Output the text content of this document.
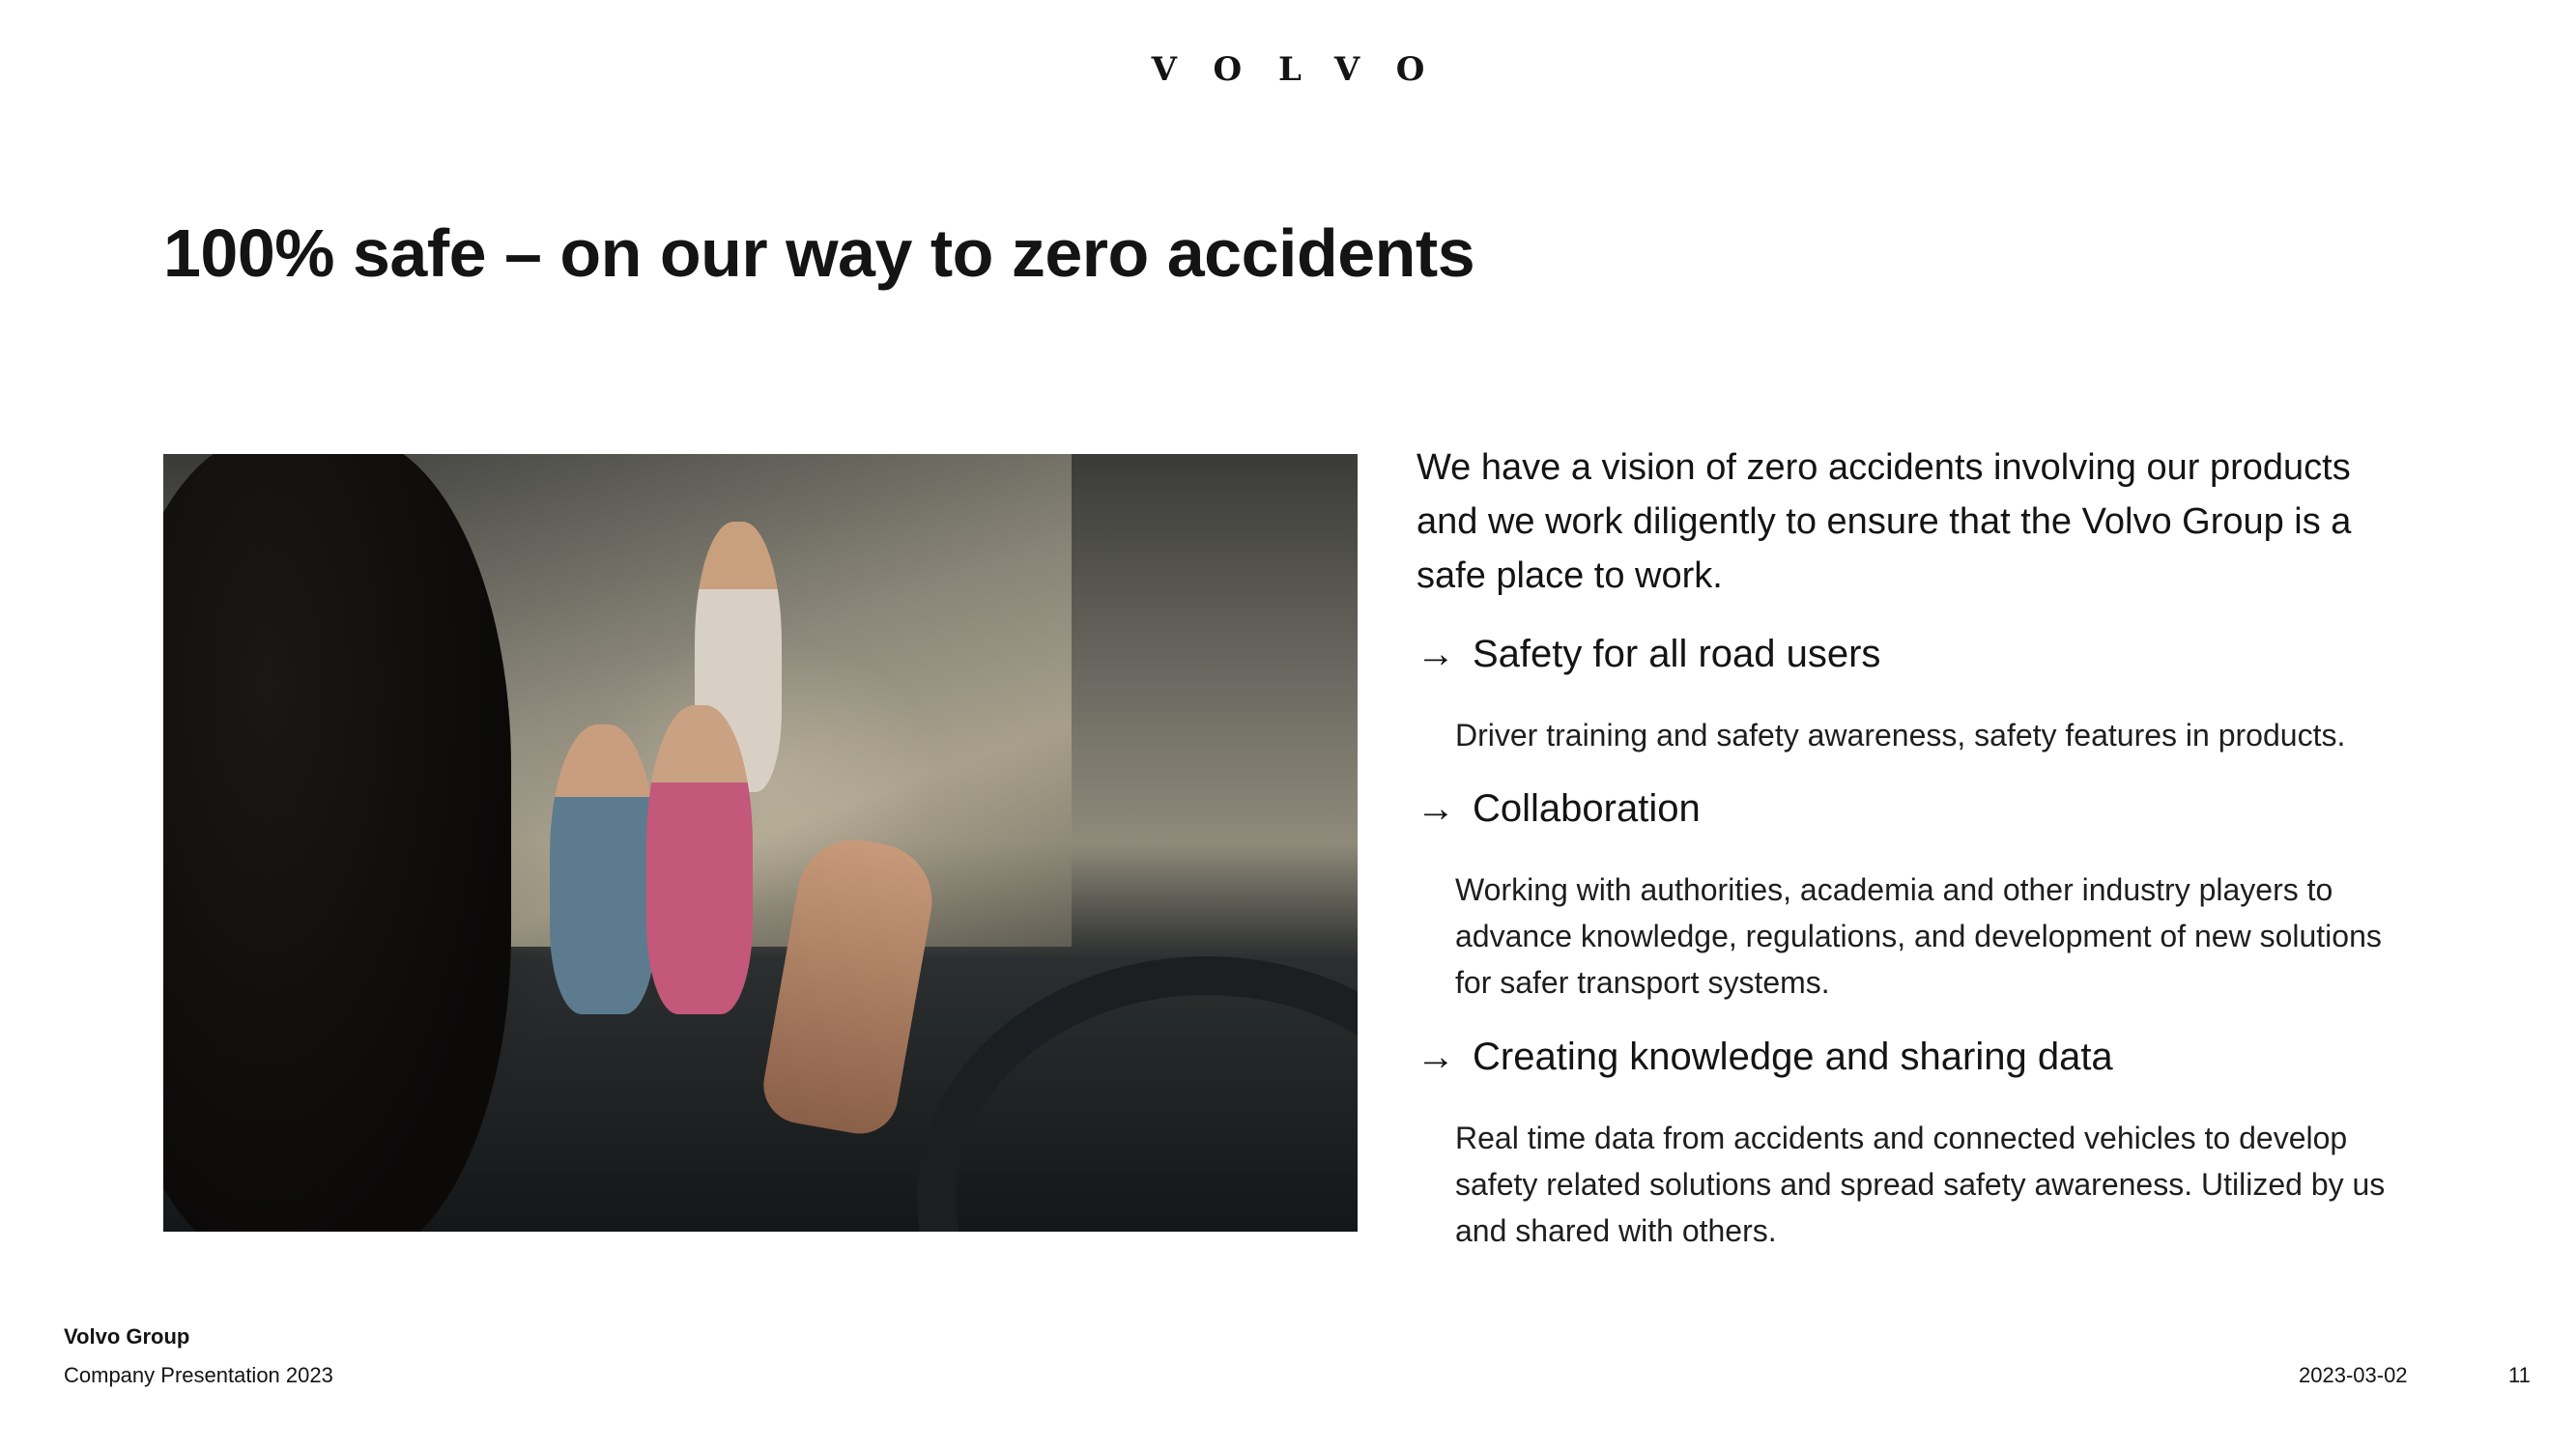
VOLVO
100% safe – on our way to zero accidents

We have a vision of zero accidents involving our products and we work diligently to ensure that the Volvo Group is a safe place to work.

→ Safety for all road users

Driver training and safety awareness, safety features in products.

→ Collaboration

Working with authorities, academia and other industry players to advance knowledge, regulations, and development of new solutions for safer transport systems.

→ Creating knowledge and sharing data

Real time data from accidents and connected vehicles to develop safety related solutions and spread safety awareness. Utilized by us and shared with others.

Volvo Group
Company Presentation 2023	2023-03-02	11
